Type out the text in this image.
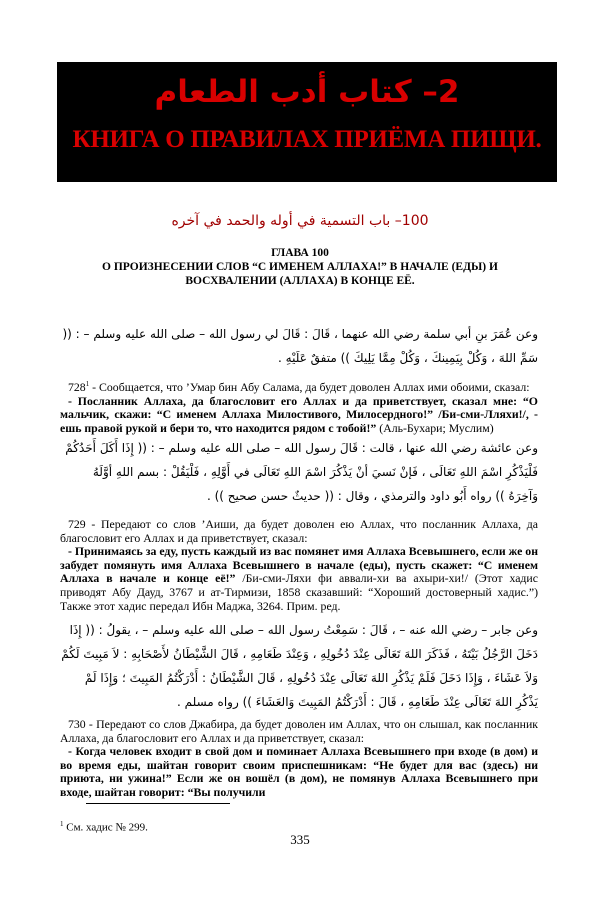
2– كتاب أدب الطعام
КНИГА О ПРАВИЛАХ ПРИЁМА ПИЩИ.
100– باب التسمية في أوله والحمد في آخره
ГЛАВА 100
О ПРОИЗНЕСЕНИИ СЛОВ “С ИМЕНЕМ АЛЛАХА!” В НАЧАЛЕ (ЕДЫ) И ВОСХВАЛЕНИИ (АЛЛАХА) В КОНЦЕ ЕЁ.
وعن عُمَرَ بنِ أبي سلمة رضي الله عنهما ، قَالَ : قَالَ لي رسول الله – صلى الله عليه وسلم – : (( سَمِّ اللهَ ، وَكُلْ بِيَمِينكَ ، وَكُلْ مِمَّا يَلِيكَ )) متفقٌ عَلَيْهِ .
$728^1$ - Сообщается, что ’Умар бин Абу Салама, да будет доволен Аллах ими обоими, сказал:
- Посланник Аллаха, да благословит его Аллах и да приветствует, сказал мне: “О мальчик, скажи: “С именем Аллаха Милостивого, Милосердного!” /Би-сми-Лляхи!/, - ешь правой рукой и бери то, что находится рядом с тобой!” (Аль-Бухари; Муслим)
وعن عائشة رضي الله عنها ، قالت : قَالَ رسول الله – صلى الله عليه وسلم – : (( إِذَا أَكَلَ أَحَدُكُمْ فَلْيَذْكُرِ اسْمَ اللهِ تَعَالَى ، فَإنْ نَسيَ أنْ يَذْكُرَ اسْمَ اللهِ تَعَالَى في أَوَّلِهِ ، فَلْيَقُلْ : بسم اللهِ أوَّلَهُ وَآخِرَهُ )) رواه أَبُو داود والترمذي ، وقال : (( حديثٌ حسن صحيح )) .
729 - Передают со слов ’Аиши, да будет доволен ею Аллах, что посланник Аллаха, да благословит его Аллах и да приветствует, сказал:
- Принимаясь за еду, пусть каждый из вас помянет имя Аллаха Всевышнего, если же он забудет помянуть имя Аллаха Всевышнего в начале (еды), пусть скажет: “С именем Аллаха в начале и конце её!” /Би-сми-Ляхи фи аввали-хи ва ахыри-хи!/ (Этот хадис приводят Абу Дауд, 3767 и ат-Тирмизи, 1858 сказавший: “Хороший достоверный хадис.”) Также этот хадис передал Ибн Маджа, 3264. Прим. ред.
وعن جابر – رضي الله عنه – ، قَالَ : سَمِعْتُ رسول الله – صلى الله عليه وسلم – ، يقولُ : (( إِذَا دَخَلَ الرَّجُلُ بَيْتَهُ ، فَذَكَرَ اللهَ تَعَالَى عِنْدَ دُخُولِهِ ، وَعِنْدَ طَعَامِهِ ، قَالَ الشَّيْطَانُ لأَصْحَابِهِ : لاَ مَبِيتَ لَكُمْ وَلاَ عَشَاءَ ، وَإِذَا دَخَلَ فَلَمْ يَذْكُرِ اللهَ تَعَالَى عِنْدَ دُخُولِهِ ، قَالَ الشَّيْطَانُ : أَدْرَكْتُمُ المَبِيتَ ؛ وَإِذَا لَمْ يَذْكُرِ اللهَ تَعَالَى عِنْدَ طَعَامِهِ ، قَالَ : أَدْرَكْتُمُ المَبِيتَ وَالعَشَاءَ )) رواه مسلم .
730 - Передают со слов Джабира, да будет доволен им Аллах, что он слышал, как посланник Аллаха, да благословит его Аллах и да приветствует, сказал:
- Когда человек входит в свой дом и поминает Аллаха Всевышнего при входе (в дом) и во время еды, шайтан говорит своим приспешникам: “Не будет для вас (здесь) ни приюта, ни ужина!” Если же он вошёл (в дом), не помянув Аллаха Всевышнего при входе, шайтан говорит: “Вы получили
$^1$ См. хадис № 299.
335
